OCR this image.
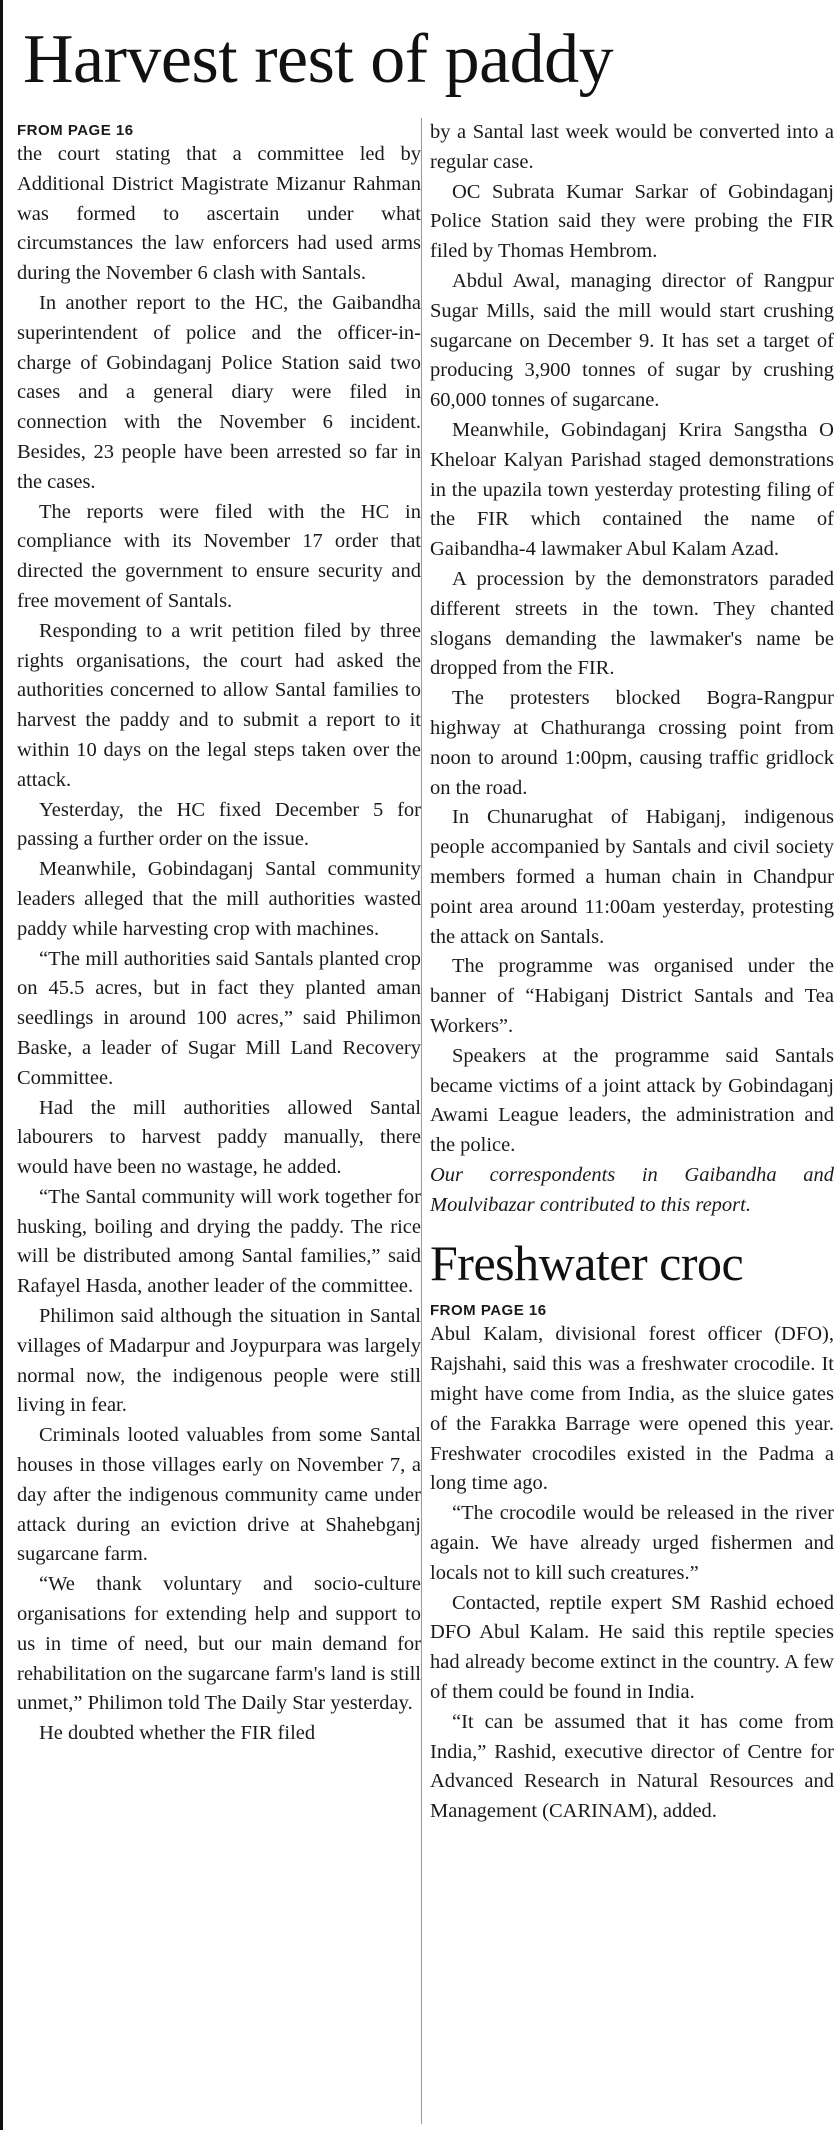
Harvest rest of paddy
FROM PAGE 16

the court stating that a committee led by Additional District Magistrate Mizanur Rahman was formed to ascertain under what circumstances the law enforcers had used arms during the November 6 clash with Santals.

In another report to the HC, the Gaibandha superintendent of police and the officer-in-charge of Gobindaganj Police Station said two cases and a general diary were filed in connection with the November 6 incident. Besides, 23 people have been arrested so far in the cases.

The reports were filed with the HC in compliance with its November 17 order that directed the government to ensure security and free movement of Santals.

Responding to a writ petition filed by three rights organisations, the court had asked the authorities concerned to allow Santal families to harvest the paddy and to submit a report to it within 10 days on the legal steps taken over the attack.

Yesterday, the HC fixed December 5 for passing a further order on the issue.

Meanwhile, Gobindaganj Santal community leaders alleged that the mill authorities wasted paddy while harvesting crop with machines.

“The mill authorities said Santals planted crop on 45.5 acres, but in fact they planted aman seedlings in around 100 acres,” said Philimon Baske, a leader of Sugar Mill Land Recovery Committee.

Had the mill authorities allowed Santal labourers to harvest paddy manually, there would have been no wastage, he added.

“The Santal community will work together for husking, boiling and drying the paddy. The rice will be distributed among Santal families,” said Rafayel Hasda, another leader of the committee.

Philimon said although the situation in Santal villages of Madarpur and Joypurpara was largely normal now, the indigenous people were still living in fear.

Criminals looted valuables from some Santal houses in those villages early on November 7, a day after the indigenous community came under attack during an eviction drive at Shahebganj sugarcane farm.

“We thank voluntary and socio-culture organisations for extending help and support to us in time of need, but our main demand for rehabilitation on the sugarcane farm's land is still unmet,” Philimon told The Daily Star yesterday.

He doubted whether the FIR filed

by a Santal last week would be converted into a regular case.

OC Subrata Kumar Sarkar of Gobindaganj Police Station said they were probing the FIR filed by Thomas Hembrom.

Abdul Awal, managing director of Rangpur Sugar Mills, said the mill would start crushing sugarcane on December 9. It has set a target of producing 3,900 tonnes of sugar by crushing 60,000 tonnes of sugarcane.

Meanwhile, Gobindaganj Krira Sangstha O Kheloar Kalyan Parishad staged demonstrations in the upazila town yesterday protesting filing of the FIR which contained the name of Gaibandha-4 lawmaker Abul Kalam Azad.

A procession by the demonstrators paraded different streets in the town. They chanted slogans demanding the lawmaker's name be dropped from the FIR.

The protesters blocked Bogra-Rangpur highway at Chathuranga crossing point from noon to around 1:00pm, causing traffic gridlock on the road.

In Chunarughat of Habiganj, indigenous people accompanied by Santals and civil society members formed a human chain in Chandpur point area around 11:00am yesterday, protesting the attack on Santals.

The programme was organised under the banner of “Habiganj District Santals and Tea Workers”.

Speakers at the programme said Santals became victims of a joint attack by Gobindaganj Awami League leaders, the administration and the police.

Our correspondents in Gaibandha and Moulvibazar contributed to this report.

Freshwater croc
FROM PAGE 16

Abul Kalam, divisional forest officer (DFO), Rajshahi, said this was a freshwater crocodile. It might have come from India, as the sluice gates of the Farakka Barrage were opened this year. Freshwater crocodiles existed in the Padma a long time ago.

“The crocodile would be released in the river again. We have already urged fishermen and locals not to kill such creatures.”

Contacted, reptile expert SM Rashid echoed DFO Abul Kalam. He said this reptile species had already become extinct in the country. A few of them could be found in India.

“It can be assumed that it has come from India,” Rashid, executive director of Centre for Advanced Research in Natural Resources and Management (CARINAM), added.
